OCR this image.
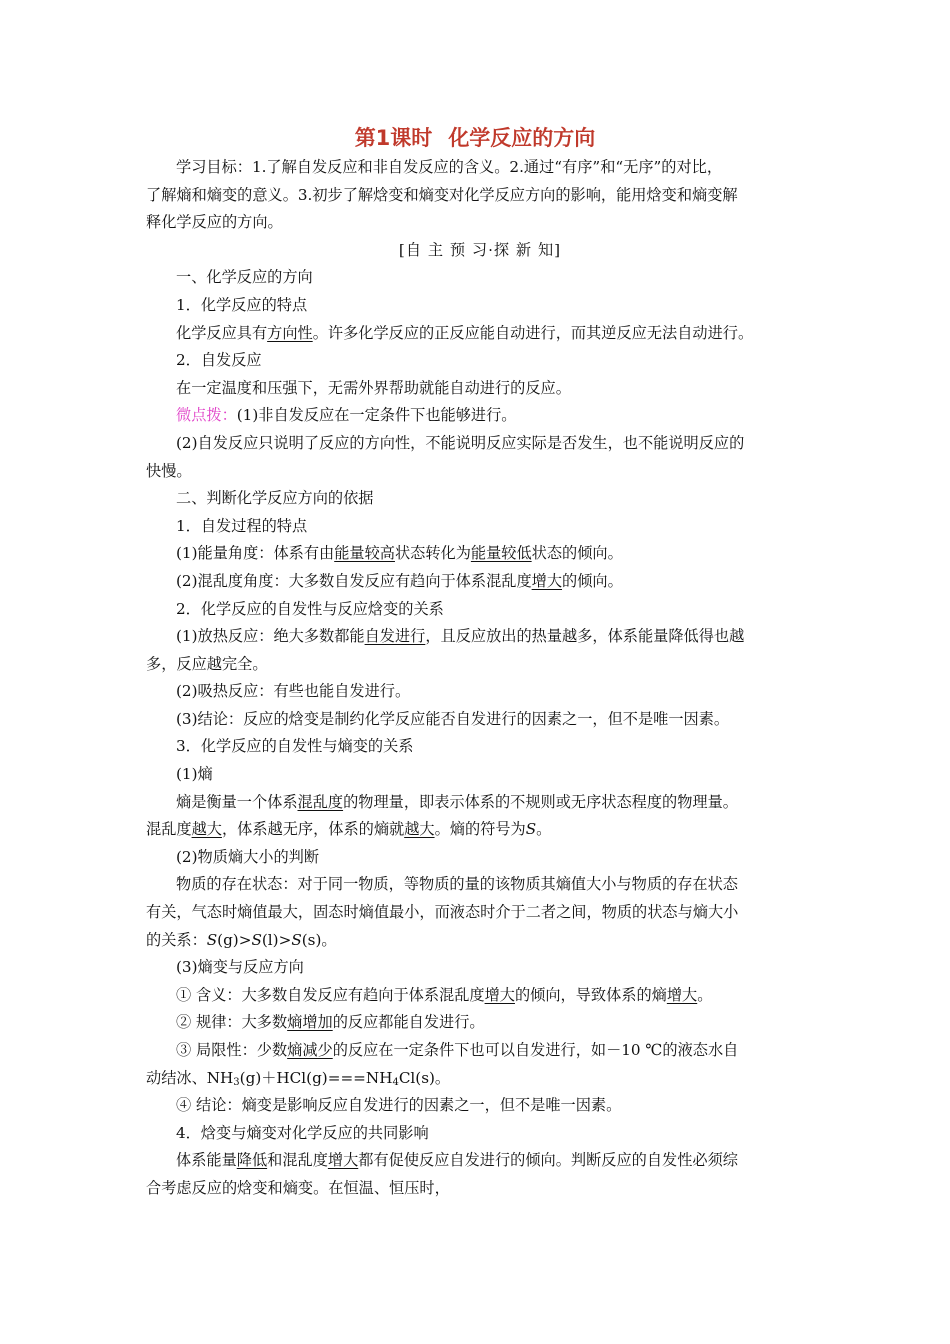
第1课时 化学反应的方向
学习目标：1.了解自发反应和非自发反应的含义。2.通过“有序”和“无序”的对比，
了解熵和熵变的意义。3.初步了解焓变和熵变对化学反应方向的影响，能用焓变和熵变解
释化学反应的方向。
[自 主 预 习·探 新 知]
一、化学反应的方向
1．化学反应的特点
化学反应具有方向性。许多化学反应的正反应能自动进行，而其逆反应无法自动进行。
2．自发反应
在一定温度和压强下，无需外界帮助就能自动进行的反应。
微点拨：(1)非自发反应在一定条件下也能够进行。
(2)自发反应只说明了反应的方向性，不能说明反应实际是否发生，也不能说明反应的
快慢。
二、判断化学反应方向的依据
1．自发过程的特点
(1)能量角度：体系有由能量较高状态转化为能量较低状态的倾向。
(2)混乱度角度：大多数自发反应有趋向于体系混乱度增大的倾向。
2．化学反应的自发性与反应焓变的关系
(1)放热反应：绝大多数都能自发进行，且反应放出的热量越多，体系能量降低得也越
多，反应越完全。
(2)吸热反应：有些也能自发进行。
(3)结论：反应的焓变是制约化学反应能否自发进行的因素之一，但不是唯一因素。
3．化学反应的自发性与熵变的关系
(1)熵
熵是衡量一个体系混乱度的物理量，即表示体系的不规则或无序状态程度的物理量。
混乱度越大，体系越无序，体系的熵就越大。熵的符号为S。
(2)物质熵大小的判断
物质的存在状态：对于同一物质，等物质的量的该物质其熵值大小与物质的存在状态
有关，气态时熵值最大，固态时熵值最小，而液态时介于二者之间，物质的状态与熵大小
的关系：S(g)>S(l)>S(s)。
(3)熵变与反应方向
① 含义：大多数自发反应有趋向于体系混乱度增大的倾向，导致体系的熵增大。
② 规律：大多数熵增加的反应都能自发进行。
③ 局限性：少数熵减少的反应在一定条件下也可以自发进行，如－10 ℃的液态水自
动结冰、$NH_3(g)+HCl(g)===NH_4Cl(s)$。
④ 结论：熵变是影响反应自发进行的因素之一，但不是唯一因素。
4．焓变与熵变对化学反应的共同影响
体系能量降低和混乱度增大都有促使反应自发进行的倾向。判断反应的自发性必须综
合考虑反应的焓变和熵变。在恒温、恒压时，
